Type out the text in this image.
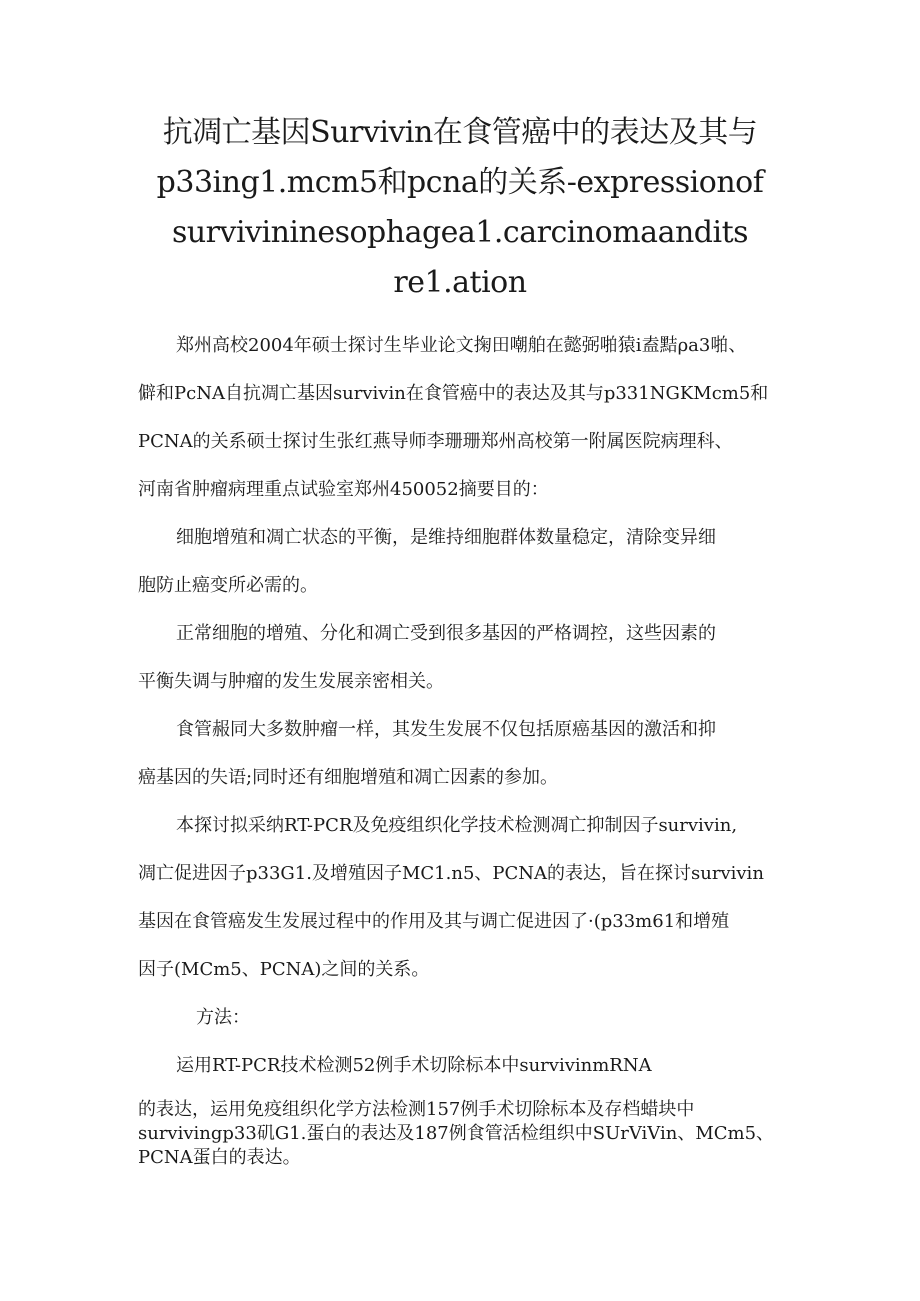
抗凋亡基因Survivin在食管癌中的表达及其与
p33ing1.mcm5和pcna的关系-expressionof
survivininesophagea1.carcinomaandits
re1.ation

郑州高校2004年硕士探讨生毕业论文掬田嘲舶在懿弼啪猿i盍黠ρa3啪、
僻和PcNA自抗凋亡基因survivin在食管癌中的表达及其与p331NGKMcm5和
PCNA的关系硕士探讨生张红燕导师李珊珊郑州高校第一附属医院病理科、
河南省肿瘤病理重点试验室郑州450052摘要目的：

细胞增殖和凋亡状态的平衡，是维持细胞群体数量稳定，清除变异细
胞防止癌变所必需的。

正常细胞的增殖、分化和凋亡受到很多基因的严格调控，这些因素的
平衡失调与肿瘤的发生发展亲密相关。

食管赧同大多数肿瘤一样，其发生发展不仅包括原癌基因的激活和抑
癌基因的失语;同时还有细胞增殖和凋亡因素的参加。

本探讨拟采纳RT-PCR及免疫组织化学技术检测凋亡抑制因子survivin,
凋亡促进因子p33G1.及增殖因子MC1.n5、PCNA的表达，旨在探讨survivin
基因在食管癌发生发展过程中的作用及其与调亡促进因了·(p33m61和增殖
因子(MCm5、PCNA)之间的关系。

方法：

运用RT-PCR技术检测52例手术切除标本中survivinmRNA

的表达，运用免疫组织化学方法检测157例手术切除标本及存档蜡块中
survivingp33矶G1.蛋白的表达及187例食管活检组织中SUrViVin、MCm5、
PCNA蛋白的表达。
